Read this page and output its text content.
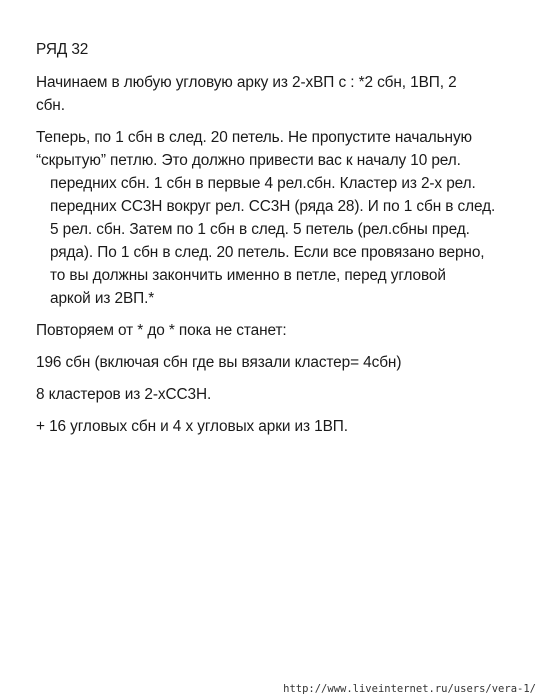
РЯД 32

Начинаем в любую угловую арку из 2-хВП с : *2 сбн, 1ВП, 2
сбн.

Теперь, по 1 сбн в след. 20 петель. Не пропустите начальную
“скрытую” петлю. Это должно привести вас к началу 10 рел.
передних сбн. 1 сбн в первые 4 рел.сбн. Кластер из 2-х рел.
передних СС3Н вокруг рел. СС3Н (ряда 28). И по 1 сбн в след.
5 рел. сбн. Затем по 1 сбн в след. 5 петель (рел.сбны пред.
ряда). По 1 сбн в след. 20 петель. Если все провязано верно,
то вы должны закончить именно в петле, перед угловой
аркой из 2ВП.*

Повторяем от * до * пока не станет:

196 сбн (включая сбн где вы вязали кластер= 4сбн)

8 кластеров из 2-хСС3Н.

+ 16 угловых сбн и 4 х угловых арки из 1ВП.

http://www.liveinternet.ru/users/vera-1/
